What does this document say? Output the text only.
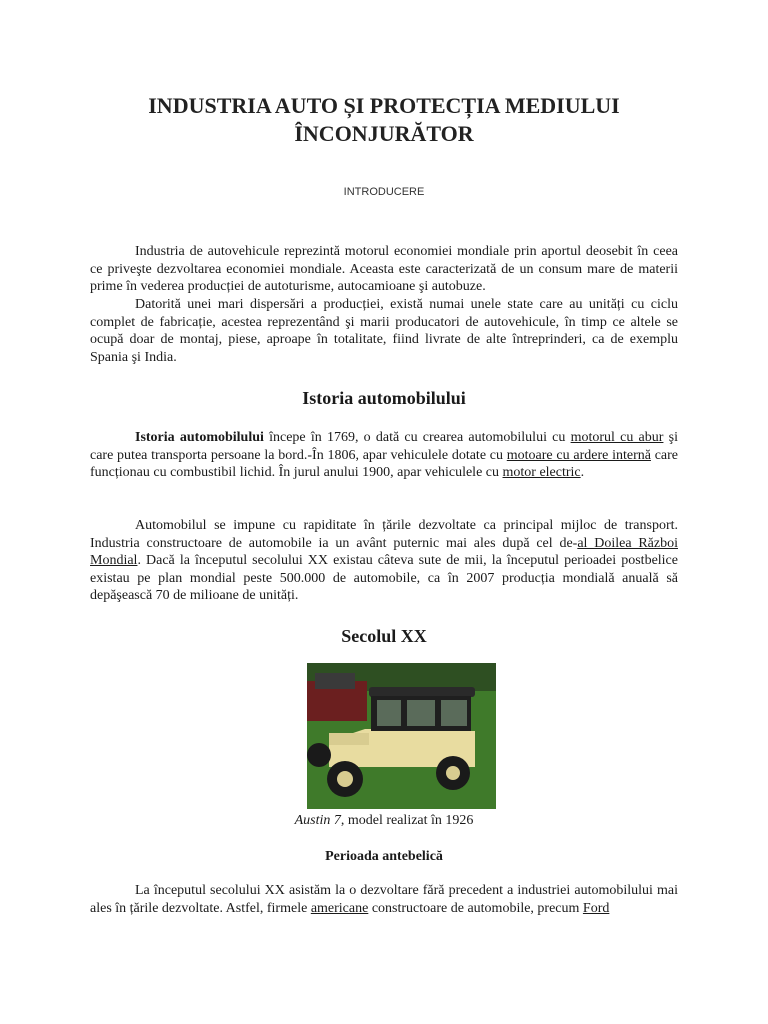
INDUSTRIA AUTO ȘI PROTECȚIA MEDIULUI
ÎNCONJURĂTOR

INTRODUCERE

Industria de autovehicule reprezintă motorul economiei mondiale prin aportul deosebit în ceea ce priveşte dezvoltarea economiei mondiale. Aceasta este caracterizată de un consum mare de materii prime în vederea producției de autoturisme, autocamioane şi autobuze.

Datorită unei mari dispersări a producției, există numai unele state care au unități cu ciclu complet de fabricație, acestea reprezentând şi marii producatori de autovehicule, în timp ce altele se ocupă doar de montaj, piese, aproape în totalitate, fiind livrate de alte întreprinderi, ca de exemplu Spania şi India.

Istoria automobilului

Istoria automobilului începe în 1769, o dată cu crearea automobilului cu motorul cu abur şi care putea transporta persoane la bord.-În 1806, apar vehiculele dotate cu motoare cu ardere internă care funcționau cu combustibil lichid. În jurul anului 1900, apar vehiculele cu motor electric.

Automobilul se impune cu rapiditate în țările dezvoltate ca principal mijloc de transport. Industria constructoare de automobile ia un avânt puternic mai ales după cel de-al Doilea Război Mondial. Dacă la începutul secolului XX existau câteva sute de mii, la începutul perioadei postbelice existau pe plan mondial peste 500.000 de automobile, ca în 2007 producția mondială anuală să depăşească 70 de milioane de unități.

Secolul XX

Austin 7, model realizat în 1926

Perioada antebelică

La începutul secolului XX asistăm la o dezvoltare fără precedent a industriei automobilului mai ales în țările dezvoltate. Astfel, firmele americane constructoare de automobile, precum Ford
